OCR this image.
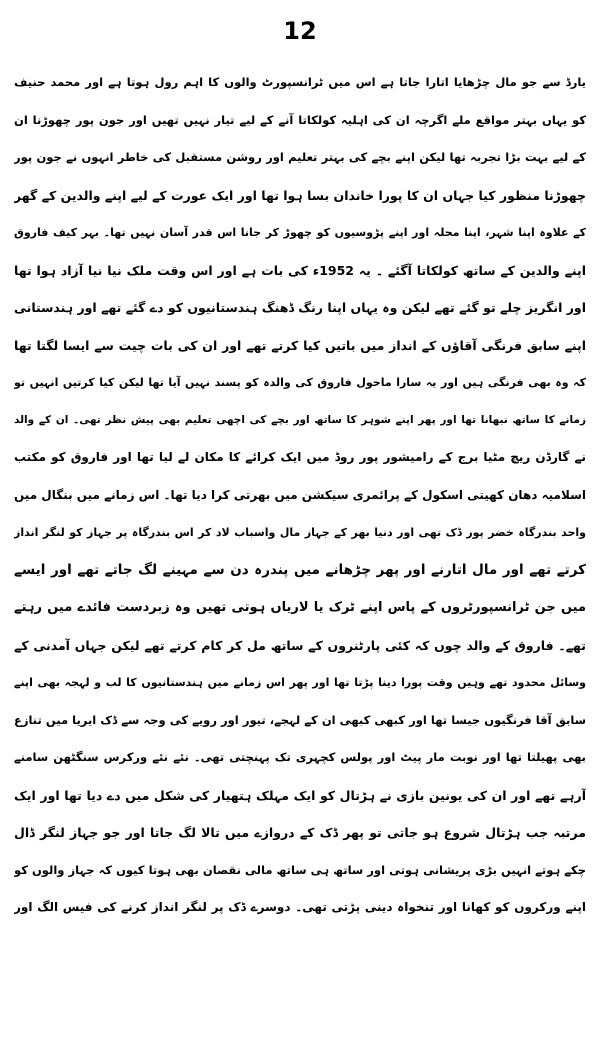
12
یارڈ سے جو مال چڑھایا اتارا جاتا ہے اس میں ٹرانسپورٹ والوں کا اہم رول ہوتا ہے اور محمد حنیف
کو یہاں بہتر مواقع ملے اگرچہ ان کی اہلیہ کولکاتا آنے کے لیے تیار نہیں تھیں اور جون پور چھوڑنا ان
کے لیے بہت بڑا تجربہ تھا لیکن اپنے بچے کی بہتر تعلیم اور روشن مستقبل کی خاطر انہوں نے جون پور
چھوڑنا منظور کیا جہاں ان کا پورا خاندان بسا ہوا تھا اور ایک عورت کے لیے اپنے والدین کے گھر
کے علاوہ اپنا شہر، اپنا محلہ اور اپنے پڑوسیوں کو چھوڑ کر جانا اس قدر آسان نہیں تھا۔ بہر کیف فاروق
اپنے والدین کے ساتھ کولکاتا آگئے ۔ یہ 1952ء کی بات ہے اور اس وقت ملک نیا نیا آزاد ہوا تھا
اور انگریز چلے تو گئے تھے لیکن وہ یہاں اپنا رنگ ڈھنگ ہندستانیوں کو دے گئے تھے اور ہندستانی
اپنے سابق فرنگی آقاؤں کے انداز میں باتیں کیا کرتے تھے اور ان کی بات چیت سے ایسا لگتا تھا
کہ وہ بھی فرنگی ہیں اور یہ سارا ماحول فاروق کی والدہ کو پسند نہیں آیا تھا لیکن کیا کرتیں انہیں تو
زمانے کا ساتھ نبھانا تھا اور پھر اپنے شوہر کا ساتھ اور بچے کی اچھی تعلیم بھی پیش نظر تھی۔ ان کے والد
نے گارڈن ریچ مٹیا برج کے رامیشور پور روڈ میں ایک کرائے کا مکان لے لیا تھا اور فاروق کو مکتب
اسلامیہ دھان کھیتی اسکول کے پرائمری سیکشن میں بھرتی کرا دیا تھا۔ اس زمانے میں بنگال میں
واحد بندرگاہ خضر پور ڈک تھی اور دنیا بھر کے جہاز مال واسباب لاد کر اس بندرگاہ پر جہاز کو لنگر انداز
کرتے تھے اور مال اتارنے اور پھر چڑھانے میں پندرہ دن سے مہینے لگ جاتے تھے اور ایسے
میں جن ٹرانسپورٹروں کے پاس اپنے ٹرک یا لاریاں ہوتی تھیں وہ زبردست فائدے میں رہتے
تھے۔ فاروق کے والد چوں کہ کئی پارٹنروں کے ساتھ مل کر کام کرتے تھے لیکن جہاں آمدنی کے
وسائل محدود تھے وہیں وقت پورا دینا پڑتا تھا اور پھر اس زمانے میں ہندستانیوں کا لب و لہجہ بھی اپنے
سابق آقا فرنگیوں جیسا تھا اور کبھی کبھی ان کے لہجے، تیور اور رویے کی وجہ سے ڈک ایریا میں تنازع
بھی پھیلتا تھا اور نوبت مار پیٹ اور پولس کچہری تک پہنچتی تھی۔ نئے نئے ورکرس سنگٹھن سامنے
آرہے تھے اور ان کی یونین بازی نے ہڑتال کو ایک مہلک ہتھیار کی شکل میں دے دیا تھا اور ایک
مرتبہ جب ہڑتال شروع ہو جاتی تو پھر ڈک کے دروازے میں تالا لگ جاتا اور جو جہاز لنگر ڈال
چکے ہوتے انہیں بڑی پریشانی ہوتی اور ساتھ ہی ساتھ مالی نقصان بھی ہوتا کیوں کہ جہاز والوں کو
اپنے ورکروں کو کھانا اور تنخواہ دینی پڑتی تھی۔ دوسرے ڈک پر لنگر انداز کرنے کی فیس الگ اور
